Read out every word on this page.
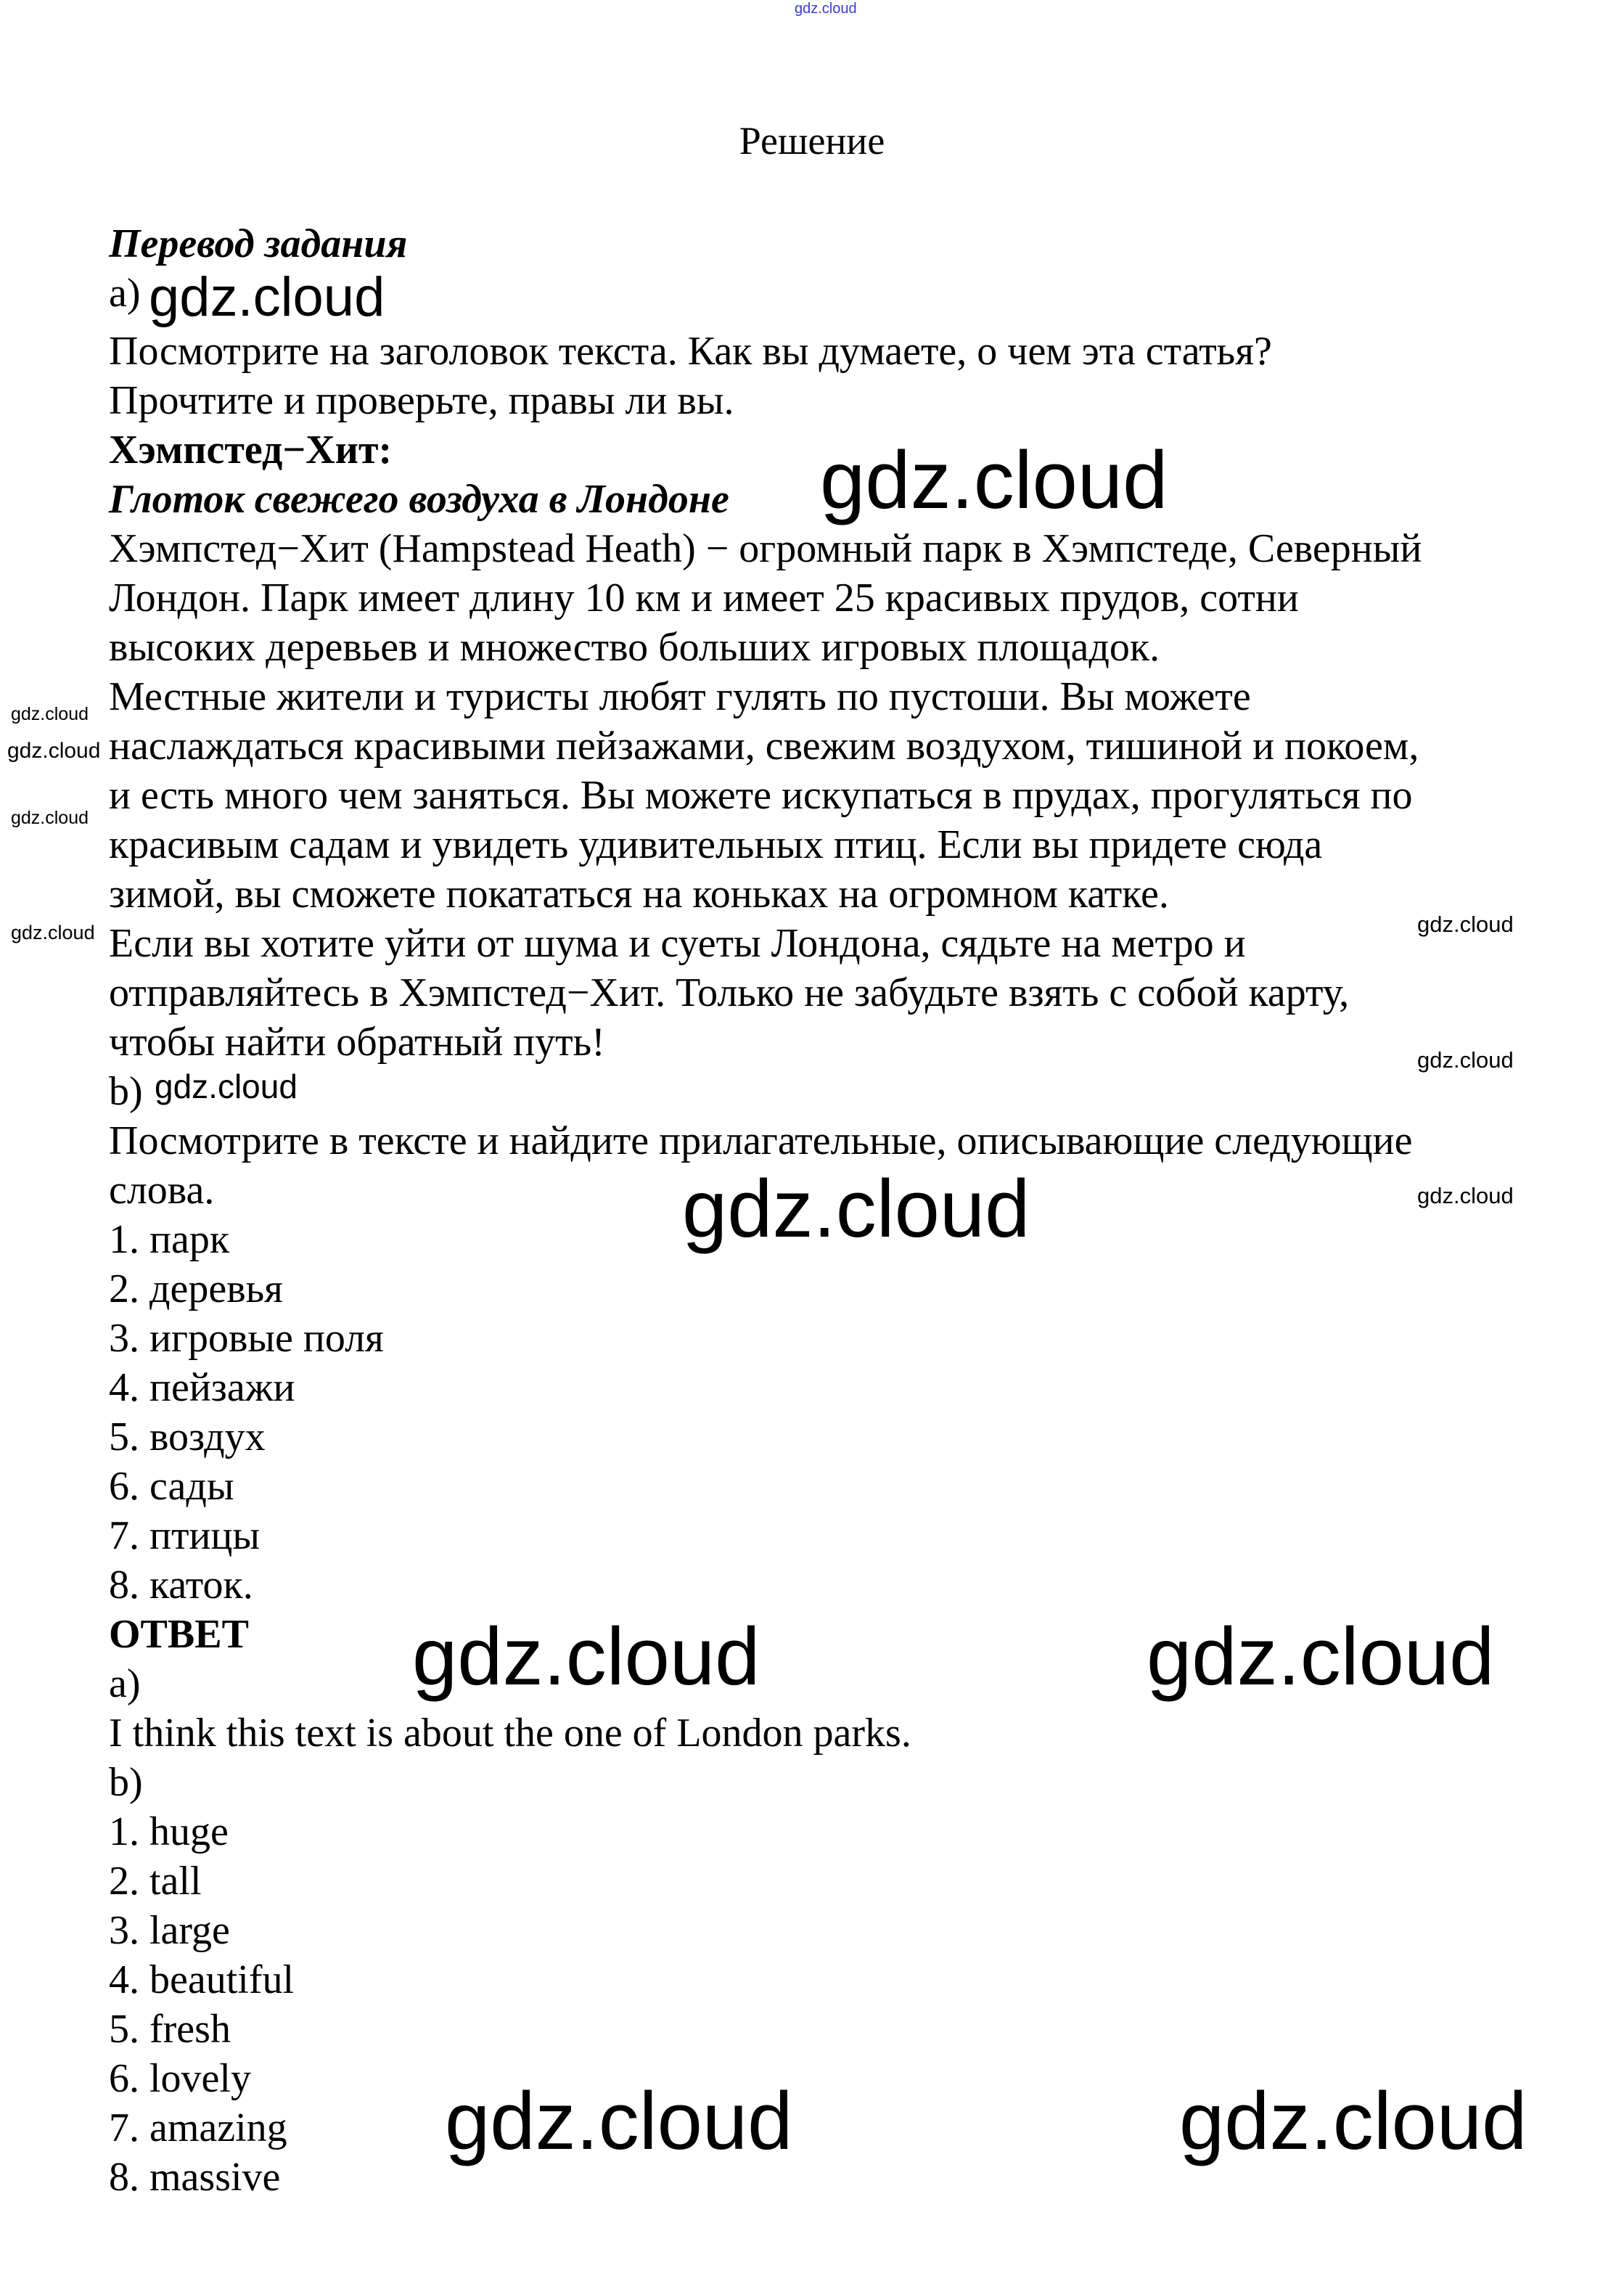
gdz.cloud
Решение
Перевод задания
а)
Посмотрите на заголовок текста. Как вы думаете, о чем эта статья?
Прочтите и проверьте, правы ли вы.
Хэмпстед−Хит:
Глоток свежего воздуха в Лондоне
Хэмпстед−Хит (Hampstead Heath) − огромный парк в Хэмпстеде, Северный
Лондон. Парк имеет длину 10 км и имеет 25 красивых прудов, сотни
высоких деревьев и множество больших игровых площадок.
Местные жители и туристы любят гулять по пустоши. Вы можете
наслаждаться красивыми пейзажами, свежим воздухом, тишиной и покоем,
и есть много чем заняться. Вы можете искупаться в прудах, прогуляться по
красивым садам и увидеть удивительных птиц. Если вы придете сюда
зимой, вы сможете покататься на коньках на огромном катке.
Если вы хотите уйти от шума и суеты Лондона, сядьте на метро и
отправляйтесь в Хэмпстед−Хит. Только не забудьте взять с собой карту,
чтобы найти обратный путь!
b)
Посмотрите в тексте и найдите прилагательные, описывающие следующие
слова.
1. парк
2. деревья
3. игровые поля
4. пейзажи
5. воздух
6. сады
7. птицы
8. каток.
ОТВЕТ
a)
I think this text is about the one of London parks.
b)
1. huge
2. tall
3. large
4. beautiful
5. fresh
6. lovely
7. amazing
8. massive
gdz.cloud
gdz.cloud
gdz.cloud
gdz.cloud
gdz.cloud
gdz.cloud	gdz.cloud
gdz.cloud
gdz.cloud
gdz.cloud
gdz.cloud
gdz.cloud	gdz.cloud
gdz.cloud	gdz.cloud
